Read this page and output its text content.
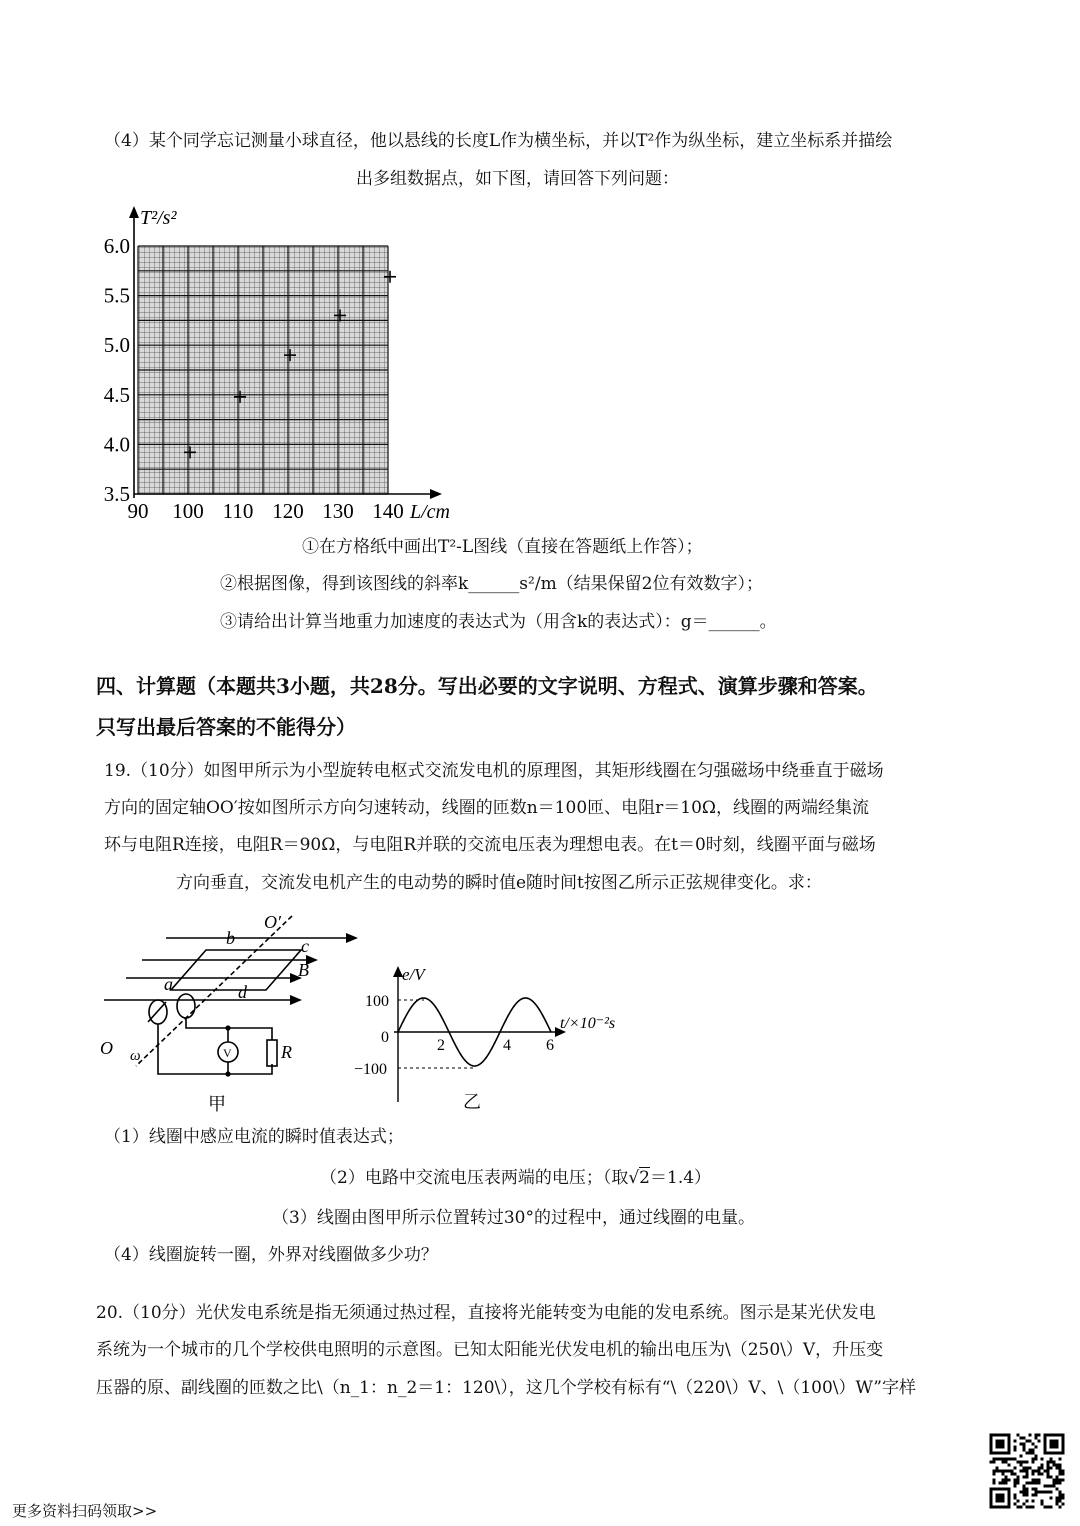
（4）某个同学忘记测量小球直径，他以悬线的长度L作为横坐标，并以T²作为纵坐标，建立坐标系并描绘
出多组数据点，如下图，请回答下列问题：
T²/s²
L/cm
3.5
4.0
4.5
5.0
5.5
6.0
90 100 110 120 130 140
①在方格纸中画出T²-L图线（直接在答题纸上作答）；
②根据图像，得到该图线的斜率k______s²/m（结果保留2位有效数字）；
③请给出计算当地重力加速度的表达式为（用含k的表达式）：g＝______。
四、计算题（本题共3小题，共28分。写出必要的文字说明、方程式、演算步骤和答案。
只写出最后答案的不能得分）
19.（10分）如图甲所示为小型旋转电枢式交流发电机的原理图，其矩形线圈在匀强磁场中绕垂直于磁场
方向的固定轴OO′按如图所示方向匀速转动，线圈的匝数n＝100匝、电阻r＝10Ω，线圈的两端经集流
环与电阻R连接，电阻R＝90Ω，与电阻R并联的交流电压表为理想电表。在t＝0时刻，线圈平面与磁场
方向垂直，交流发电机产生的电动势的瞬时值e随时间t按图乙所示正弦规律变化。求：
O′
b	c
B
a	d
O ω	R
V
甲
e/V
t/×10⁻²s
100
0
−100
2	4 6
乙
（1）线圈中感应电流的瞬时值表达式；
（2）电路中交流电压表两端的电压；（取√2＝1.4）
（3）线圈由图甲所示位置转过30°的过程中，通过线圈的电量。
（4）线圈旋转一圈，外界对线圈做多少功？
20.（10分）光伏发电系统是指无须通过热过程，直接将光能转变为电能的发电系统。图示是某光伏发电
系统为一个城市的几个学校供电照明的示意图。已知太阳能光伏发电机的输出电压为\（250\）V，升压变
压器的原、副线圈的匝数之比\（n_1：n_2＝1：120\），这几个学校有标有“\（220\）V、\（100\）W”字样
更多资料扫码领取>>
